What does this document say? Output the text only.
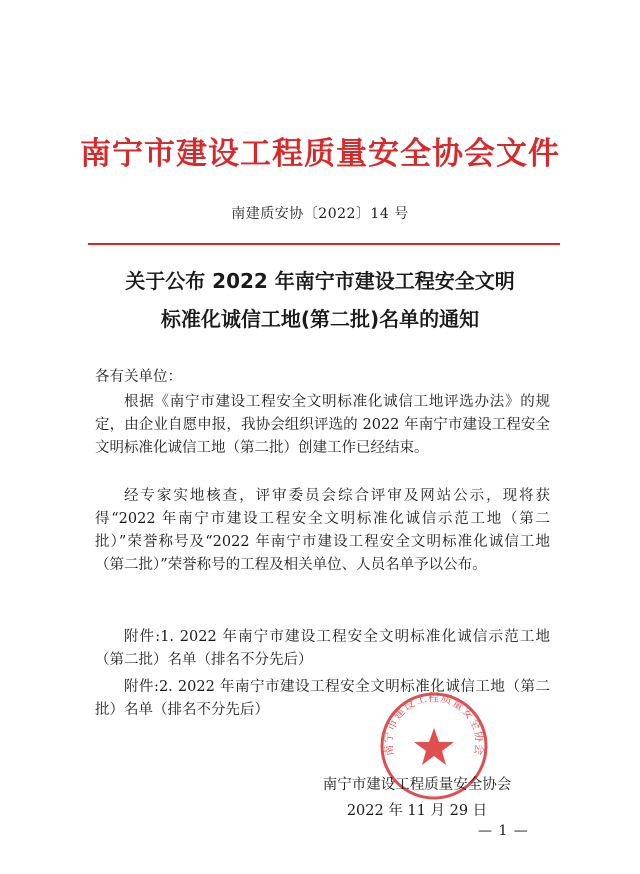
南宁市建设工程质量安全协会文件
南建质安协〔2022〕14 号
关于公布 2022 年南宁市建设工程安全文明
标准化诚信工地(第二批)名单的通知
各有关单位：
根据《南宁市建设工程安全文明标准化诚信工地评选办法》的规定，由企业自愿申报，我协会组织评选的 2022 年南宁市建设工程安全文明标准化诚信工地（第二批）创建工作已经结束。
经专家实地核查，评审委员会综合评审及网站公示，现将获得“2022 年南宁市建设工程安全文明标准化诚信示范工地（第二批）”荣誉称号及“2022 年南宁市建设工程安全文明标准化诚信工地（第二批）”荣誉称号的工程及相关单位、人员名单予以公布。
附件:1. 2022 年南宁市建设工程安全文明标准化诚信示范工地（第二批）名单（排名不分先后）
附件:2. 2022 年南宁市建设工程安全文明标准化诚信工地（第二批）名单（排名不分先后）
南宁市建设工程质量安全协会
南宁市建设工程质量安全协会
2022 年 11 月 29 日
— 1 —
